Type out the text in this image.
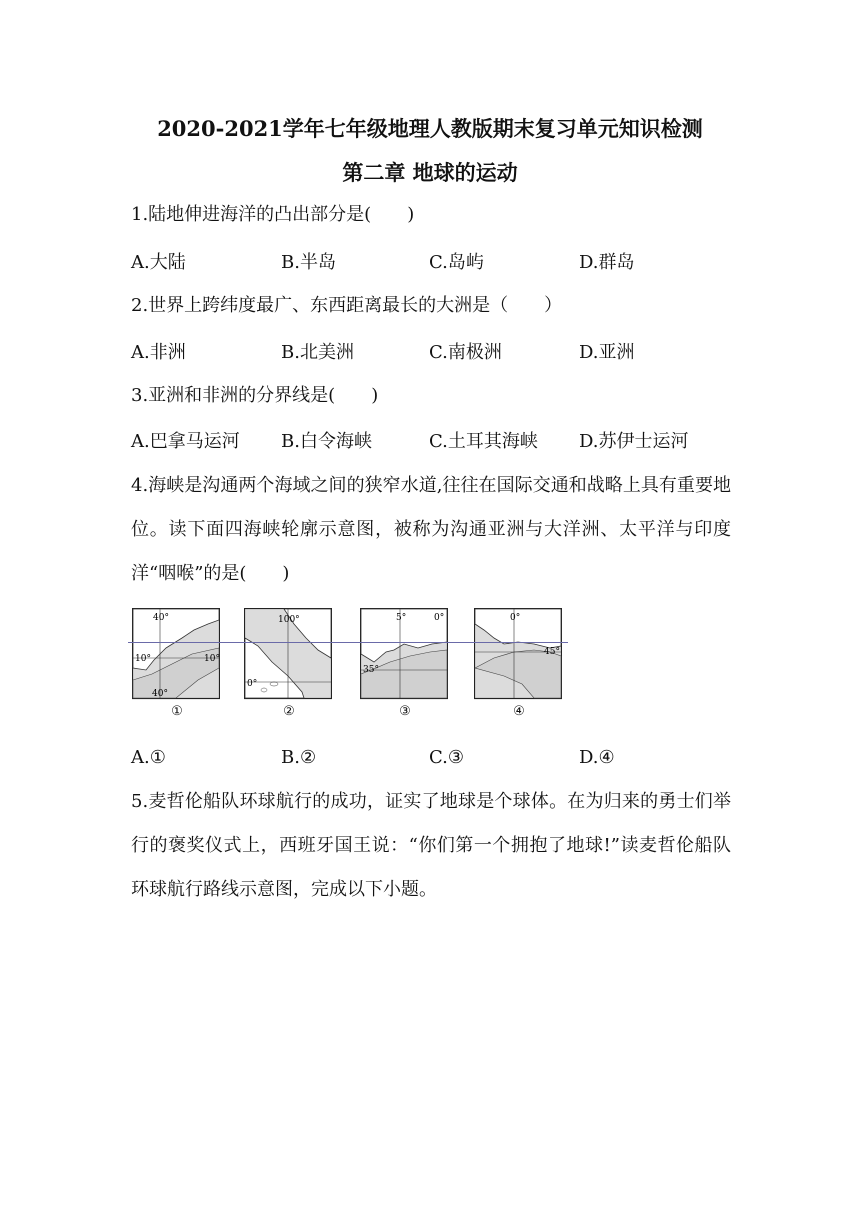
2020-2021学年七年级地理人教版期末复习单元知识检测
第二章 地球的运动

1.陆地伸进海洋的凸出部分是(　　)

A.大陆	B.半岛	C.岛屿	D.群岛

2.世界上跨纬度最广、东西距离最长的大洲是（　　）

A.非洲	B.北美洲	C.南极洲	D.亚洲

3.亚洲和非洲的分界线是(　　)

A.巴拿马运河 B.白令海峡	C.土耳其海峡 D.苏伊士运河

4.海峡是沟通两个海域之间的狭窄水道,往往在国际交通和战略上具有重要地位。读下面四海峡轮廓示意图，被称为沟通亚洲与大洋洲、太平洋与印度洋“咽喉”的是(　　)

40°
10°	10°
40°
①
100°
0°
②
5°	0°
35°
③
0°
45°
④
A.①	B.②	C.③	D.④

5.麦哲伦船队环球航行的成功，证实了地球是个球体。在为归来的勇士们举行的褒奖仪式上，西班牙国王说：“你们第一个拥抱了地球!”读麦哲伦船队环球航行路线示意图，完成以下小题。
